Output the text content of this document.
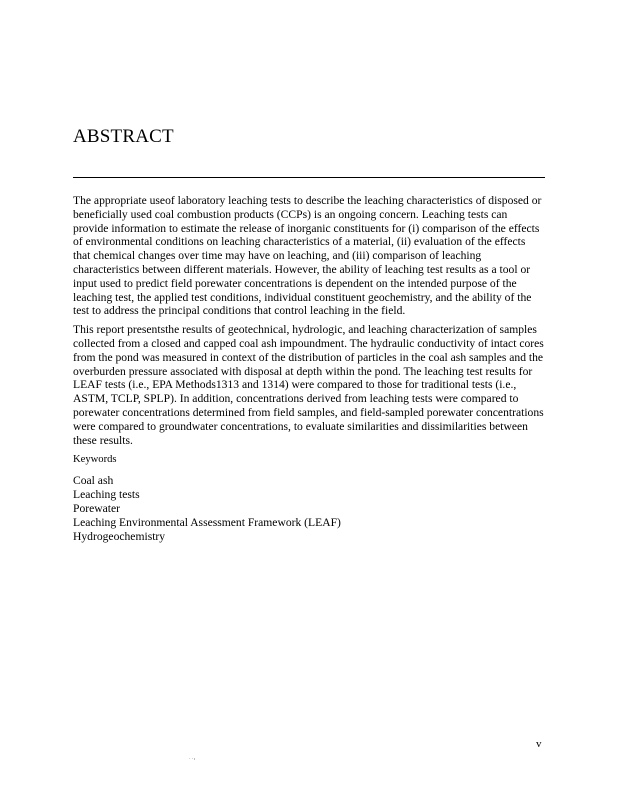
ABSTRACT

The appropriate useof laboratory leaching tests to describe the leaching characteristics of disposed or beneficially used coal combustion products (CCPs) is an ongoing concern. Leaching tests can provide information to estimate the release of inorganic constituents for (i) comparison of the effects of environmental conditions on leaching characteristics of a material, (ii) evaluation of the effects that chemical changes over time may have on leaching, and (iii) comparison of leaching characteristics between different materials. However, the ability of leaching test results as a tool or input used to predict field porewater concentrations is dependent on the intended purpose of the leaching test, the applied test conditions, individual constituent geochemistry, and the ability of the test to address the principal conditions that control leaching in the field.

This report presentsthe results of geotechnical, hydrologic, and leaching characterization of samples collected from a closed and capped coal ash impoundment. The hydraulic conductivity of intact cores from the pond was measured in context of the distribution of particles in the coal ash samples and the overburden pressure associated with disposal at depth within the pond. The leaching test results for LEAF tests (i.e., EPA Methods1313 and 1314) were compared to those for traditional tests (i.e., ASTM, TCLP, SPLP). In addition, concentrations derived from leaching tests were compared to porewater concentrations determined from field samples, and field-sampled porewater concentrations were compared to groundwater concentrations, to evaluate similarities and dissimilarities between these results.

Keywords

Coal ash
Leaching tests
Porewater
Leaching Environmental Assessment Framework (LEAF)
Hydrogeochemistry
v
· ·‹
